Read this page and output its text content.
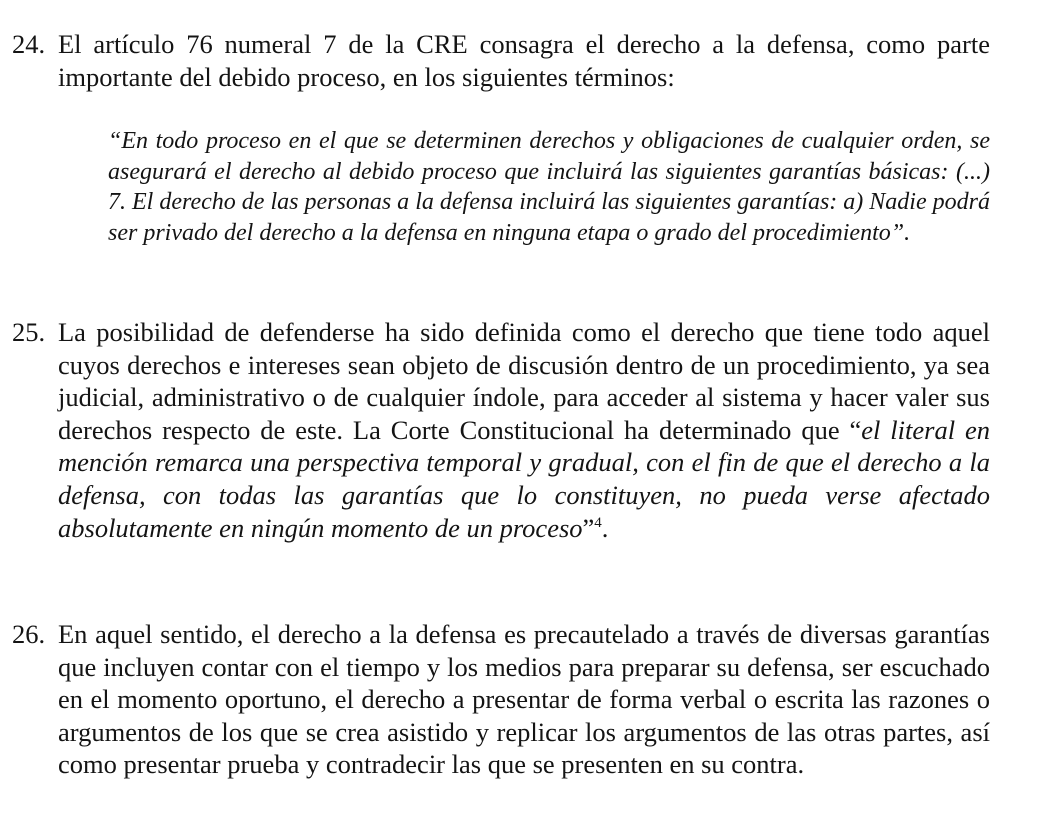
24. El artículo 76 numeral 7 de la CRE consagra el derecho a la defensa, como parte importante del debido proceso, en los siguientes términos:
“En todo proceso en el que se determinen derechos y obligaciones de cualquier orden, se asegurará el derecho al debido proceso que incluirá las siguientes garantías básicas: (...) 7. El derecho de las personas a la defensa incluirá las siguientes garantías: a) Nadie podrá ser privado del derecho a la defensa en ninguna etapa o grado del procedimiento”.
25. La posibilidad de defenderse ha sido definida como el derecho que tiene todo aquel cuyos derechos e intereses sean objeto de discusión dentro de un procedimiento, ya sea judicial, administrativo o de cualquier índole, para acceder al sistema y hacer valer sus derechos respecto de este. La Corte Constitucional ha determinado que “el literal en mención remarca una perspectiva temporal y gradual, con el fin de que el derecho a la defensa, con todas las garantías que lo constituyen, no pueda verse afectado absolutamente en ningún momento de un proceso”$^4$.
26. En aquel sentido, el derecho a la defensa es precautelado a través de diversas garantías que incluyen contar con el tiempo y los medios para preparar su defensa, ser escuchado en el momento oportuno, el derecho a presentar de forma verbal o escrita las razones o argumentos de los que se crea asistido y replicar los argumentos de las otras partes, así como presentar prueba y contradecir las que se presenten en su contra.
